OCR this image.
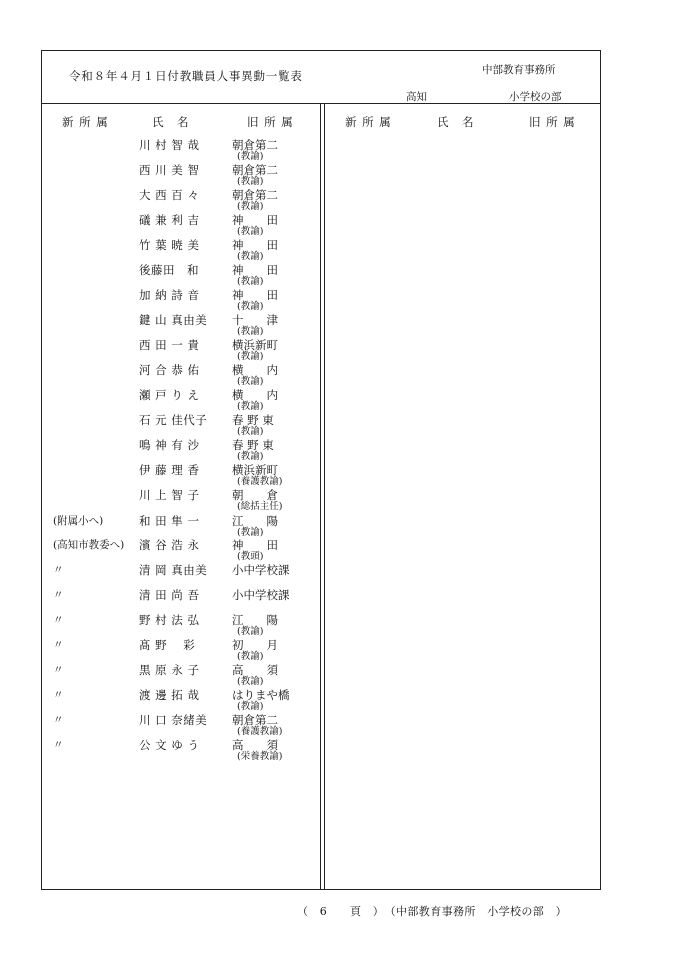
令和８年４月１日付教職員人事異動一覧表	中部教育事務所
高知	小学校の部
新 所 属	氏　名	旧 所 属	新 所 属	氏　名	旧 所 属
川 村 智 哉	朝倉第二
(教諭)
西 川 美 智	朝倉第二
(教諭)
大 西 百 々	朝倉第二
(教諭)
礒 兼 利 吉	神　　田
(教諭)
竹 葉 暁 美	神　　田
(教諭)
後藤田　和	神　　田
(教諭)
加 納 詩 音	神　　田
(教諭)
鍵 山 真由美 十　　津
(教諭)
西 田 一 貴	横浜新町
(教諭)
河 合 恭 佑	横　　内
(教諭)
瀬 戸 り え	横　　内
(教諭)
石 元 佳代子 春 野 東
(教諭)
鳴 神 有 沙	春 野 東
(教諭)
伊 藤 理 香	横浜新町
(養護教諭)
川 上 智 子	朝　　倉
(総括主任)
(附属小へ)	和 田 隼 一	江　　陽
(教諭)
(高知市教委へ) 濱 谷 浩 永	神　　田
(教頭)
〃	清 岡 真由美 小中学校課
〃	清 田 尚 吾	小中学校課
〃	野 村 法 弘	江　　陽
(教諭)
〃	髙 野　 彩	初　　月
(教諭)
〃	黒 原 永 子	高　　須
(教諭)
〃	渡 邊 拓 哉	はりまや橋
(教諭)
〃	川 口 奈緒美 朝倉第二
(養護教諭)
〃	公 文 ゆ う	高　　須
(栄養教諭)
（　6　　頁　）　（中部教育事務所　小学校の部　）
